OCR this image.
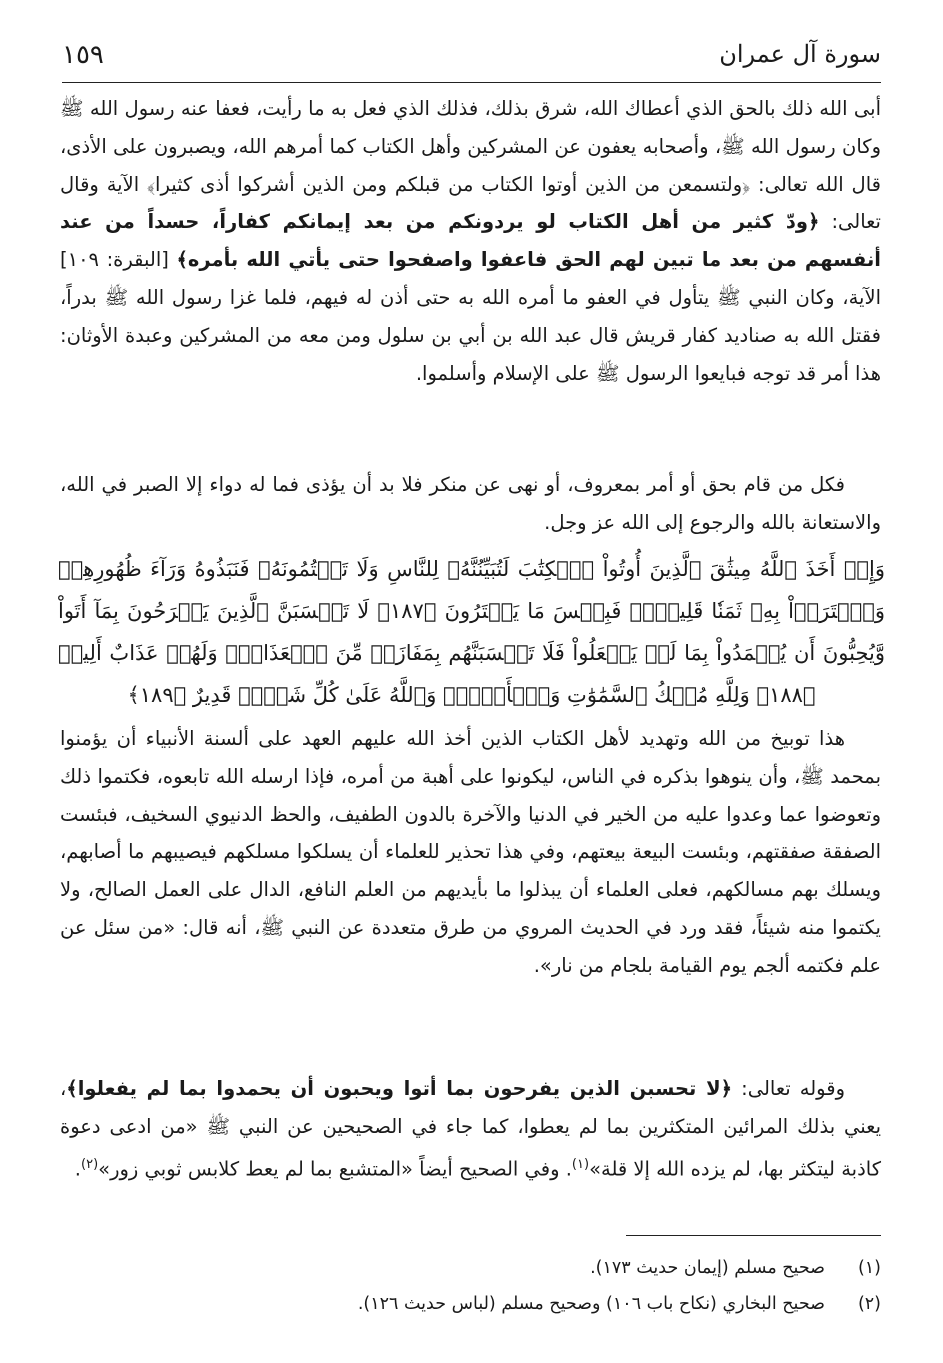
سورة آل عمران
١٥٩
أبى الله ذلك بالحق الذي أعطاك الله، شرق بذلك، فذلك الذي فعل به ما رأيت، فعفا عنه رسول الله ﷺ وكان رسول الله ﷺ، وأصحابه يعفون عن المشركين وأهل الكتاب كما أمرهم الله، ويصبرون على الأذى، قال الله تعالى: ﴿ولتسمعن من الذين أوتوا الكتاب من قبلكم ومن الذين أشركوا أذى كثيرا﴾ الآية وقال تعالى: ﴿ودّ كثير من أهل الكتاب لو يردونكم من بعد إيمانكم كفاراً، حسداً من عند أنفسهم من بعد ما تبين لهم الحق فاعفوا واصفحوا حتى يأتي الله بأمره﴾ [البقرة: ١٠٩] الآية، وكان النبي ﷺ يتأول في العفو ما أمره الله به حتى أذن له فيهم، فلما غزا رسول الله ﷺ بدراً، فقتل الله به صناديد كفار قريش قال عبد الله بن أبي بن سلول ومن معه من المشركين وعبدة الأوثان: هذا أمر قد توجه فبايعوا الرسول ﷺ على الإسلام وأسلموا.
فكل من قام بحق أو أمر بمعروف، أو نهى عن منكر فلا بد أن يؤذى فما له دواء إلا الصبر في الله، والاستعانة بالله والرجوع إلى الله عز وجل.
وَإِذۡ أَخَذَ ٱللَّهُ مِيثَٰقَ ٱلَّذِينَ أُوتُواْ ٱلۡكِتَٰبَ لَتُبَيِّنُنَّهُۥ لِلنَّاسِ وَلَا تَكۡتُمُونَهُۥ فَنَبَذُوهُ وَرَآءَ ظُهُورِهِمۡ وَٱشۡتَرَوۡاْ بِهِۦ ثَمَنٗا قَلِيلٗاۖ فَبِئۡسَ مَا يَشۡتَرُونَ ﴿١٨٧﴾ لَا تَحۡسَبَنَّ ٱلَّذِينَ يَفۡرَحُونَ بِمَآ أَتَواْ وَّيُحِبُّونَ أَن يُحۡمَدُواْ بِمَا لَمۡ يَفۡعَلُواْ فَلَا تَحۡسَبَنَّهُم بِمَفَازَةٖ مِّنَ ٱلۡعَذَابِۖ وَلَهُمۡ عَذَابٌ أَلِيمٞ ﴿١٨٨﴾ وَلِلَّهِ مُلۡكُ ٱلسَّمَٰوَٰتِ وَٱلۡأَرۡضِۗ وَٱللَّهُ عَلَىٰ كُلِّ شَيۡءٖ قَدِيرٌ ﴿١٨٩﴾
هذا توبيخ من الله وتهديد لأهل الكتاب الذين أخذ الله عليهم العهد على ألسنة الأنبياء أن يؤمنوا بمحمد ﷺ، وأن ينوهوا بذكره في الناس، ليكونوا على أهبة من أمره، فإذا ارسله الله تابعوه، فكتموا ذلك وتعوضوا عما وعدوا عليه من الخير في الدنيا والآخرة بالدون الطفيف، والحظ الدنيوي السخيف، فبئست الصفقة صفقتهم، وبئست البيعة بيعتهم، وفي هذا تحذير للعلماء أن يسلكوا مسلكهم فيصيبهم ما أصابهم، ويسلك بهم مسالكهم، فعلى العلماء أن يبذلوا ما بأيديهم من العلم النافع، الدال على العمل الصالح، ولا يكتموا منه شيئاً، فقد ورد في الحديث المروي من طرق متعددة عن النبي ﷺ، أنه قال: «من سئل عن علم فكتمه ألجم يوم القيامة بلجام من نار».
وقوله تعالى: ﴿لا تحسبن الذين يفرحون بما أتوا ويحبون أن يحمدوا بما لم يفعلوا﴾، يعني بذلك المرائين المتكثرين بما لم يعطوا، كما جاء في الصحيحين عن النبي ﷺ «من ادعى دعوة كاذبة ليتكثر بها، لم يزده الله إلا قلة»$^{(١)}$. وفي الصحيح أيضاً «المتشبع بما لم يعط كلابس ثوبي زور»$^{(٢)}$.
(١)صحيح مسلم (إيمان حديث ١٧٣).
(٢)صحيح البخاري (نكاح باب ١٠٦) وصحيح مسلم (لباس حديث ١٢٦).
